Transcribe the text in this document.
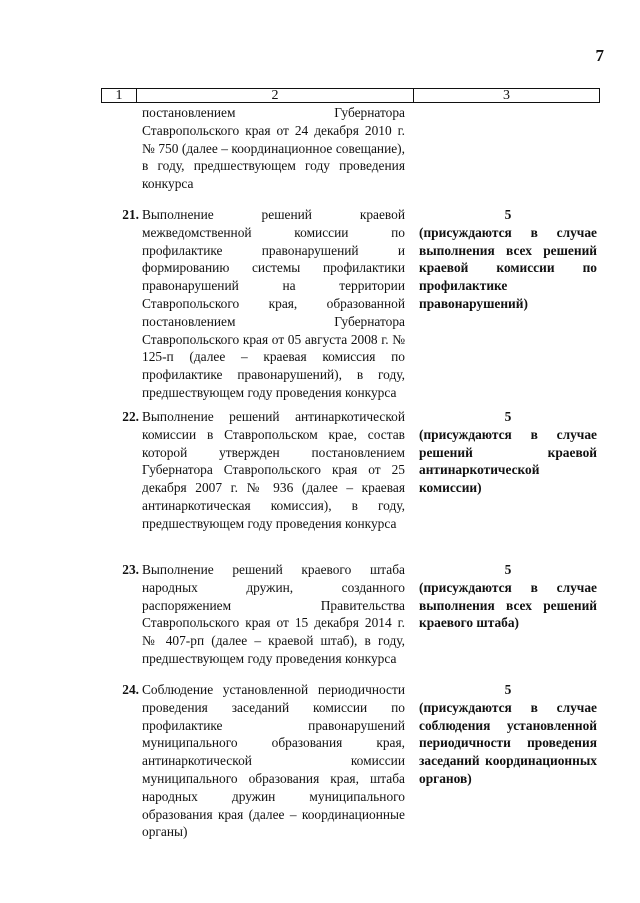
7
1	2	3
постановлением Губернатора Ставропольского края от 24 декабря 2010 г. № 750 (далее – координационное совещание), в году, предшествующем году проведения конкурса
21. Выполнение решений краевой межведомственной комиссии по профилактике правонарушений и формированию системы профилактики правонарушений на территории Ставропольского края, образованной постановлением Губернатора Ставропольского края от 05 августа 2008 г. № 125-п (далее – краевая комиссия по профилактике правонарушений), в году, предшествующем году проведения конкурса
5
(присуждаются в случае выполнения всех решений краевой комиссии по профилактике правонарушений)
22. Выполнение решений антинаркотической комиссии в Ставропольском крае, состав которой утвержден постановлением Губернатора Ставропольского края от 25 декабря 2007 г. № 936 (далее – краевая антинаркотическая комиссия), в году, предшествующем году проведения конкурса
5
(присуждаются в случае решений краевой антинаркотической комиссии)
23. Выполнение решений краевого штаба народных дружин, созданного распоряжением Правительства Ставропольского края от 15 декабря 2014 г. № 407-рп (далее – краевой штаб), в году, предшествующем году проведения конкурса
5
(присуждаются в случае выполнения всех решений краевого штаба)
24. Соблюдение установленной периодичности проведения заседаний комиссии по профилактике правонарушений муниципального образования края, антинаркотической комиссии муниципального образования края, штаба народных дружин муниципального образования края (далее – координационные органы)
5
(присуждаются в случае соблюдения установленной периодичности проведения заседаний координационных органов)
